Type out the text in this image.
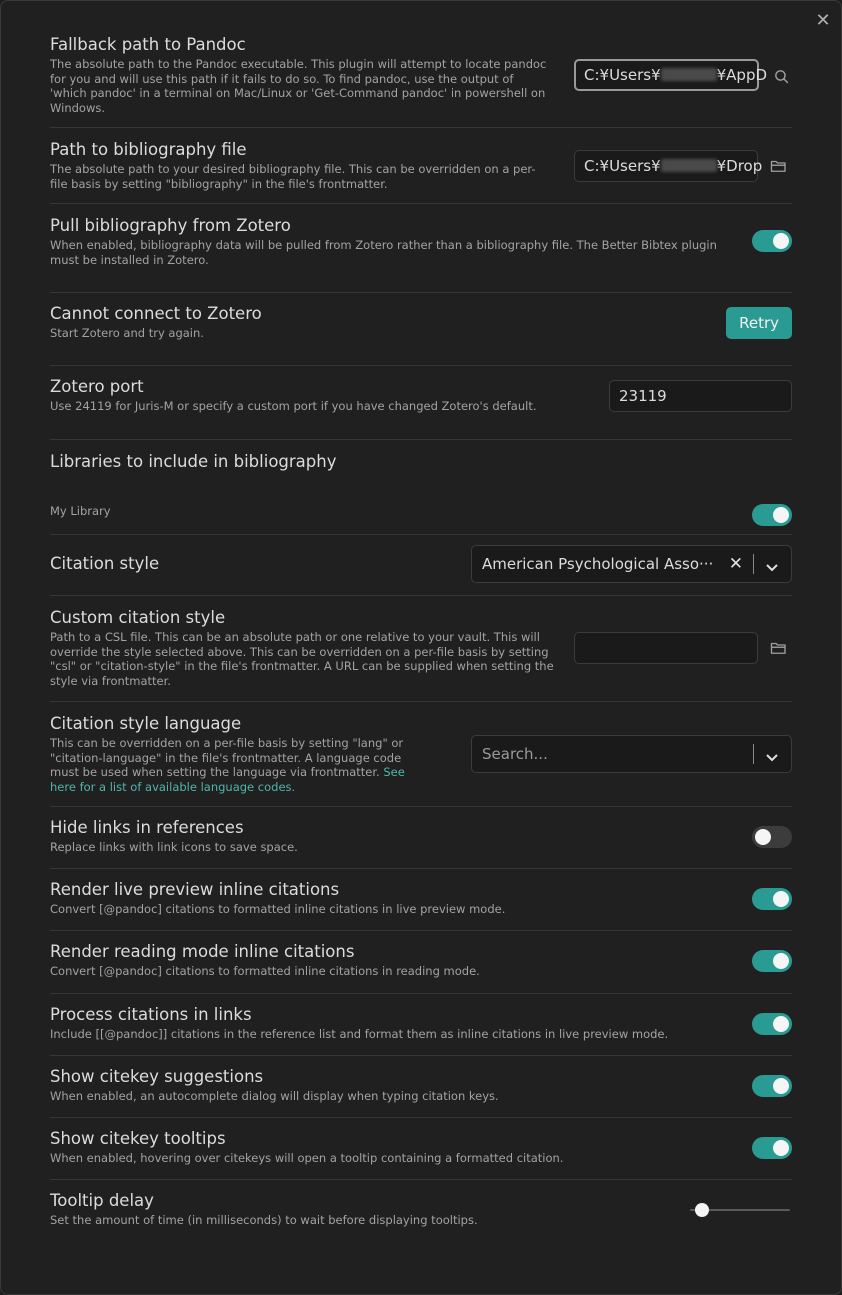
✕
Fallback path to Pandoc
The absolute path to the Pandoc executable. This plugin will attempt to locate pandoc for you and will use this path if it fails to do so. To find pandoc, use the output of 'which pandoc' in a terminal on Mac/Linux or 'Get-Command pandoc' in powershell on Windows.
C:¥Users¥	¥AppD
Path to bibliography file
The absolute path to your desired bibliography file. This can be overridden on a per-file basis by setting "bibliography" in the file's frontmatter.
C:¥Users¥	¥Drop
Pull bibliography from Zotero
When enabled, bibliography data will be pulled from Zotero rather than a bibliography file. The Better Bibtex plugin must be installed in Zotero.
Cannot connect to Zotero
Start Zotero and try again.
Retry
Zotero port
Use 24119 for Juris-M or specify a custom port if you have changed Zotero's default.
23119
Libraries to include in bibliography
My Library
Citation style	American Psychological Asso··· ✕
Custom citation style
Path to a CSL file. This can be an absolute path or one relative to your vault. This will override the style selected above. This can be overridden on a per-file basis by setting "csl" or "citation-style" in the file's frontmatter. A URL can be supplied when setting the style via frontmatter.
Citation style language
This can be overridden on a per-file basis by setting "lang" or "citation-language" in the file's frontmatter. A language code must be used when setting the language via frontmatter. See here for a list of available language codes.
Search...
Hide links in references
Replace links with link icons to save space.
Render live preview inline citations
Convert [@pandoc] citations to formatted inline citations in live preview mode.
Render reading mode inline citations
Convert [@pandoc] citations to formatted inline citations in reading mode.
Process citations in links
Include [[@pandoc]] citations in the reference list and format them as inline citations in live preview mode.
Show citekey suggestions
When enabled, an autocomplete dialog will display when typing citation keys.
Show citekey tooltips
When enabled, hovering over citekeys will open a tooltip containing a formatted citation.
Tooltip delay
Set the amount of time (in milliseconds) to wait before displaying tooltips.
